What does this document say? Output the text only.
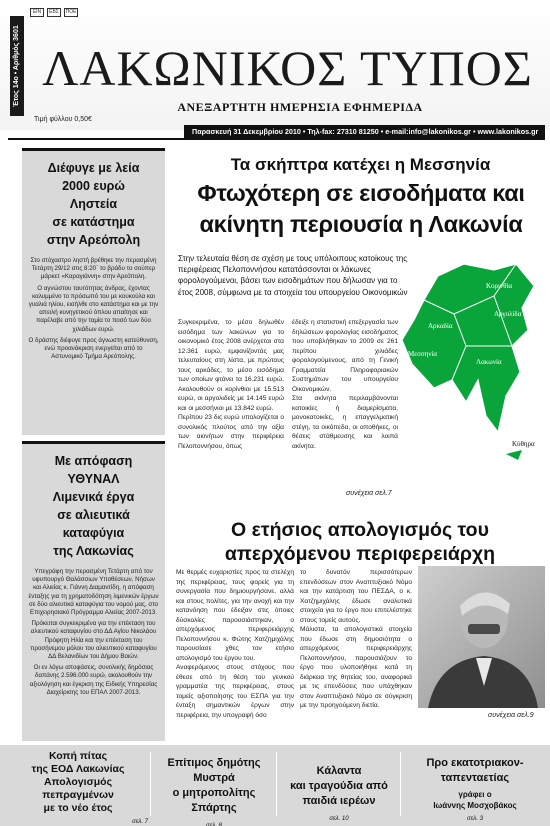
Έτος 14ο • Αριθμός 3601
ΕΙΝ	ΕΒΣ	ΠΟΕ
ΛΑΚΩΝΙΚΟΣ ΤΥΠΟΣ
ΑΝΕΞΑΡΤΗΤΗ ΗΜΕΡΗΣΙΑ ΕΦΗΜΕΡΙΔΑ
Τιμή φύλλου 0,50€
Παρασκευή 31 Δεκεμβρίου 2010 • Τηλ-fax: 27310 81250 • e-mail:info@lakonikos.gr • www.lakonikos.gr
Διέφυγε με λεία
2000 ευρώ
Ληστεία
σε κατάστημα
στην Αρεόπολη

Στο στόχαστρο ληστή βρέθηκε την περασμένη Τετάρτη 29/12 στις 8:20΄ το βράδυ το σούπερ μάρκετ «Καραγιάννη» στην Αρεόπολη.

Ο αγνώστου ταυτότητας άνδρας, έχοντας καλυμμένο το πρόσωπό του με κουκούλα και γυαλιά ηλίου, εισήλθε στο κατάστημα και με την απειλή κυνηγετικού όπλου απαίτησε και παρέλαβε από την ταμία το ποσό των δύο χιλιάδων ευρώ.

Ο δράστης διέφυγε προς άγνωστη κατεύθυνση, ενώ προανάκριση ενεργείται από το Αστυνομικό Τμήμα Αρεόπολης.

Με απόφαση
ΥΘΥΝΑΛ
Λιμενικά έργα
σε αλιευτικά
καταφύγια
της Λακωνίας

Υπεγράφη την περασμένη Τετάρτη από τον υφυπουργό Θαλάσσιων Υποθέσεων, Νήσων και Αλιείας κ. Γιάννη Διαμαντίδη, η απόφαση ένταξης για τη χρηματοδότηση λιμενικών έργων σε δύο αλιευτικά καταφύγια του νομού μας, στο Επιχειρησιακό Πρόγραμμα Αλιείας 2007-2013.

Πρόκειται συγκεκριμένα για την επέκταση του αλιευτικού καταφυγίου στο ΔΔ Αγίου Νικολάου Πρόφητη Ηλία και την επέκταση του προσήνεμου μόλου του αλιευτικού καταφυγίου ΔΔ Βελανιδίων του Δήμου Βοιών.

Οι εν λόγω αποφάσεις, συνολικής δημόσιας δαπάνης 2.596.000 ευρώ, ακολουθούν την αξιολόγηση και έγκριση της Ειδικής Υπηρεσίας Διαχείρισης του ΕΠΑΛ 2007-2013.

Τα σκήπτρα κατέχει η Μεσσηνία
Φτωχότερη σε εισοδήματα και
ακίνητη περιουσία η Λακωνία
Στην τελευταία θέση σε σχέση με τους υπόλοιπους κατοίκους της περιφέρειας Πελοποννήσου κατατάσσονται οι λάκωνες φορολογούμενοι, βάσει των εισοδημάτων που δήλωσαν για το έτος 2008, σύμφωνα με τα στοιχεία του υπουργείου Οικονομικών
Συγκεκριμένα, το μέσο δηλωθέν εισόδημα των λακώνων για το οικονομικό έτος 2008 ανέρχεται στα 12.361 ευρώ, εμφανίζοντάς μας τελευταίους στη λίστα, με πρώτους τους αρκάδες, το μέσο εισόδημα των οποίων φτάνει τα 16.231 ευρώ. Ακολουθούν οι κορίνθιοι με 15.513 ευρώ, οι αργολιδείς με 14.145 ευρώ και οι μεσσήνιοι με 13.842 ευρώ.
Περίπου 23 δις ευρώ υπολογίζεται ο συνολικός πλούτος από την αξία των ακινήτων στην περιφέρεια Πελοποννήσου, όπως
έδειξε η στατιστική επεξεργασία των δηλώσεων φορολογίας εισοδήματος που υποβλήθηκαν το 2009 σε 261 περίπου χιλιάδες φορολογούμενους, από τη Γενική Γραμματεία Πληροφοριακών Συστημάτων του υπουργείου Οικονομικών.
Στα ακίνητα περιλαμβάνονται κατοικίες ή διαμερίσματα, μονοκατοικίες, η επαγγελματική στέγη, τα οικόπεδα, οι αποθήκες, οι θέσεις στάθμευσης και λοιπά ακίνητα.
συνέχεια σελ.7
Κορινθία
Αργολίδα
Αρκαδία
Μεσσηνία
Λακωνία
Κύθηρα
Ο ετήσιος απολογισμός του
απερχόμενου περιφερειάρχη
Με θερμές ευχαριστίες προς τα στελέχη της περιφέρειας, τους φορείς για τη συνεργασία που δημιουργήσανε, αλλά και στους πολίτες, για την ανοχή και την κατανόηση που έδειξαν στις όποιες δύσκολίες παρουσιάστηκαν, ο απερχόμενος περιφερειάρχης Πελοποννήσου κ. Φώτης Χατζημιχάλης παρουσίασε χθες τον ετήσιο απολογισμό του έργου του.
Αναφερόμενος στους στόχους που έθεσε από τη θέση του γενικού γραμματέα της περιφέρειας, στους τομείς αξιοποίησης του ΕΣΠΑ για την ένταξη σημαντικών έργων στην περιφέρεια, την υπογραφή όσο
το δυνατόν περισσότερων επενδύσεων στον Αναπτυξιακό Νόμο και την κατάρτιση του ΠΕΣΔΑ, ο κ. Χατζημιχάλης έδωσε αναλυτικά στοιχεία για το έργο που επιτελέστηκε στους τομείς αυτούς.
Μάλιστα, τα απολογιστικά στοιχεία που έδωσε στη δημοσιότητα ο απερχόμενος περιφερειάρχης Πελοποννήσου, παρουσιάζουν το έργο που υλοποιήθηκε κατά τη διάρκεια της θητείας του, αναφορικά με τις επενδύσεις που υπάχθηκαν στον Αναπτυξιακό Νόμο σε σύγκριση με την προηγούμενη διετία.
συνέχεια σελ.9
Κοπή πίτας
της ΕΟΔ Λακωνίας
Απολογισμός
πεπραγμένων
με το νέο έτος
σελ. 7
Επίτιμος δημότης
Μυστρά
ο μητροπολίτης
Σπάρτης
σελ. 8
Κάλαντα
και τραγούδια από
παιδιά ιερέων
σελ. 10
Προ εκατοτριακον-
ταπενταετίας
γράφει ο
Ιωάννης Μοσχοβάκος
σελ. 3
